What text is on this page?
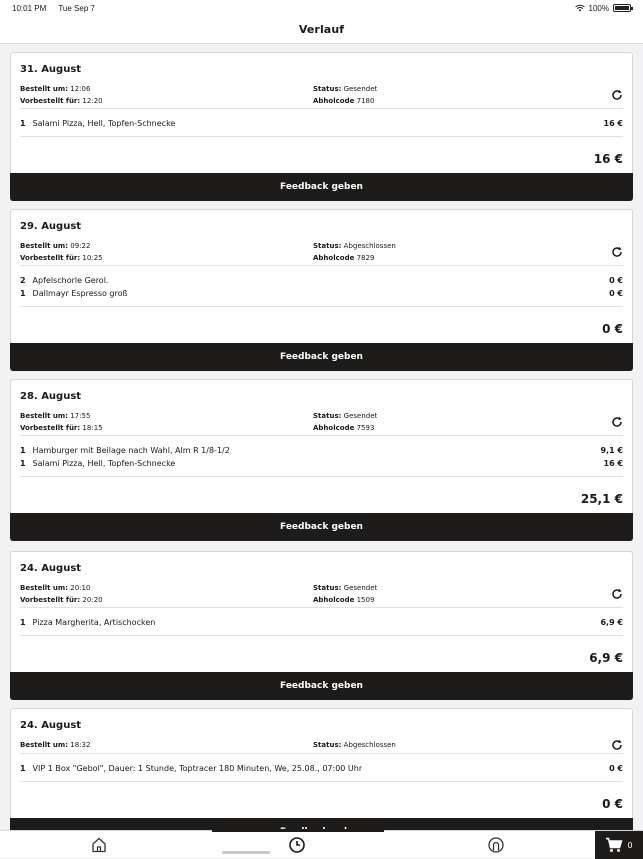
10:01 PM Tue Sep 7	100%
Verlauf
31. August
Bestellt um:
12:06
Vorbestellt für:
12:20
Status:
Gesendet
Abholcode
7180
1 Salami Pizza, Hell, Topfen-Schnecke	16 €
16 €
Feedback geben
29. August
Bestellt um:
09:22
Vorbestellt für:
10:25
Status:
Abgeschlossen
Abholcode
7829
2 Apfelschorle Gerol.	0 €
1 Dallmayr Espresso groß	0 €
0 €
Feedback geben
28. August
Bestellt um:
17:55
Vorbestellt für:
18:15
Status:
Gesendet
Abholcode
7593
1 Hamburger mit Beilage nach Wahl, Alm R 1/8-1/2	9,1 €
1 Salami Pizza, Hell, Topfen-Schnecke	16 €
25,1 €
Feedback geben
24. August
Bestellt um:
20:10
Vorbestellt für:
20:20
Status:
Gesendet
Abholcode
1509
1 Pizza Margherita, Artischocken	6,9 €
6,9 €
Feedback geben
24. August
Bestellt um:
18:32	Status:
Abgeschlossen
1 VIP 1 Box "Gebol", Dauer: 1 Stunde, Toptracer 180 Minuten, We, 25.08., 07:00 Uhr	0 €
0 €
0
